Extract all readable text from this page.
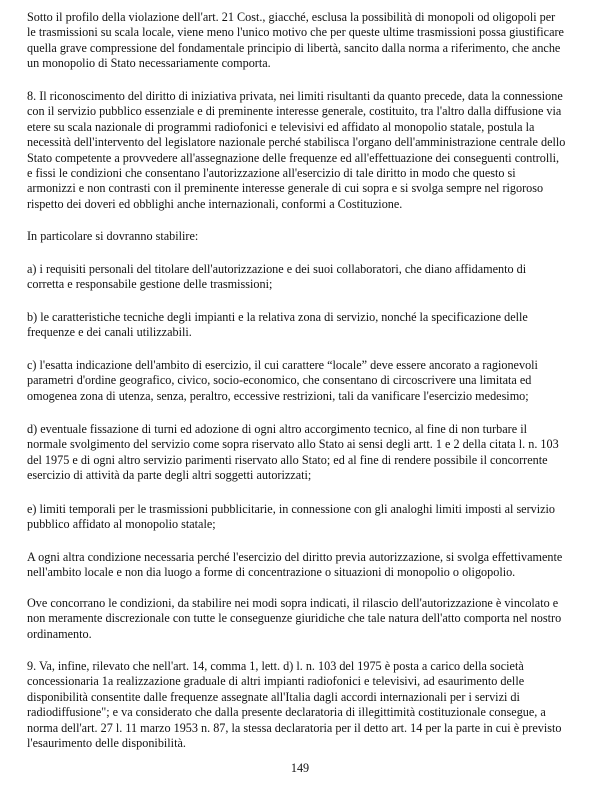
Sotto il profilo della violazione dell'art. 21 Cost., giacché, esclusa la possibilità di monopoli od oligopoli per
le trasmissioni su scala locale, viene meno l'unico motivo che per queste ultime trasmissioni possa giustificare
quella grave compressione del fondamentale principio di libertà, sancito dalla norma a riferimento, che anche
un monopolio di Stato necessariamente comporta.
8. Il riconoscimento del diritto di iniziativa privata, nei limiti risultanti da quanto precede, data la connessione
con il servizio pubblico essenziale e di preminente interesse generale, costituito, tra l'altro dalla diffusione via
etere su scala nazionale di programmi radiofonici e televisivi ed affidato al monopolio statale, postula la
necessità dell'intervento del legislatore nazionale perché stabilisca l'organo dell'amministrazione centrale dello
Stato competente a provvedere all'assegnazione delle frequenze ed all'effettuazione dei conseguenti controlli,
e fissi le condizioni che consentano l'autorizzazione all'esercizio di tale diritto in modo che questo si
armonizzi e non contrasti con il preminente interesse generale di cui sopra e si svolga sempre nel rigoroso
rispetto dei doveri ed obblighi anche internazionali, conformi a Costituzione.
In particolare si dovranno stabilire:
a) i requisiti personali del titolare dell'autorizzazione e dei suoi collaboratori, che diano affidamento di
corretta e responsabile gestione delle trasmissioni;
b) le caratteristiche tecniche degli impianti e la relativa zona di servizio, nonché la specificazione delle
frequenze e dei canali utilizzabili.
c) l'esatta indicazione dell'ambito di esercizio, il cui carattere “locale” deve essere ancorato a ragionevoli
parametri d'ordine geografico, civico, socio-economico, che consentano di circoscrivere una limitata ed
omogenea zona di utenza, senza, peraltro, eccessive restrizioni, tali da vanificare l'esercizio medesimo;
d) eventuale fissazione di turni ed adozione di ogni altro accorgimento tecnico, al fine di non turbare il
normale svolgimento del servizio come sopra riservato allo Stato ai sensi degli artt. 1 e 2 della citata l. n. 103
del 1975 e di ogni altro servizio parimenti riservato allo Stato; ed al fine di rendere possibile il concorrente
esercizio di attività da parte degli altri soggetti autorizzati;
e) limiti temporali per le trasmissioni pubblicitarie, in connessione con gli analoghi limiti imposti al servizio
pubblico affidato al monopolio statale;
A ogni altra condizione necessaria perché l'esercizio del diritto previa autorizzazione, si svolga effettivamente
nell'ambito locale e non dia luogo a forme di concentrazione o situazioni di monopolio o oligopolio.
Ove concorrano le condizioni, da stabilire nei modi sopra indicati, il rilascio dell'autorizzazione è vincolato e
non meramente discrezionale con tutte le conseguenze giuridiche che tale natura dell'atto comporta nel nostro
ordinamento.
9. Va, infine, rilevato che nell'art. 14, comma 1, lett. d) l. n. 103 del 1975 è posta a carico della società
concessionaria 1a realizzazione graduale di altri impianti radiofonici e televisivi, ad esaurimento delle
disponibilità consentite dalle frequenze assegnate all'Italia dagli accordi internazionali per i servizi di
radiodiffusione"; e va considerato che dalla presente declaratoria di illegittimità costituzionale consegue, a
norma dell'art. 27 l. 11 marzo 1953 n. 87, la stessa declaratoria per il detto art. 14 per la parte in cui è previsto
l'esaurimento delle disponibilità.
149
